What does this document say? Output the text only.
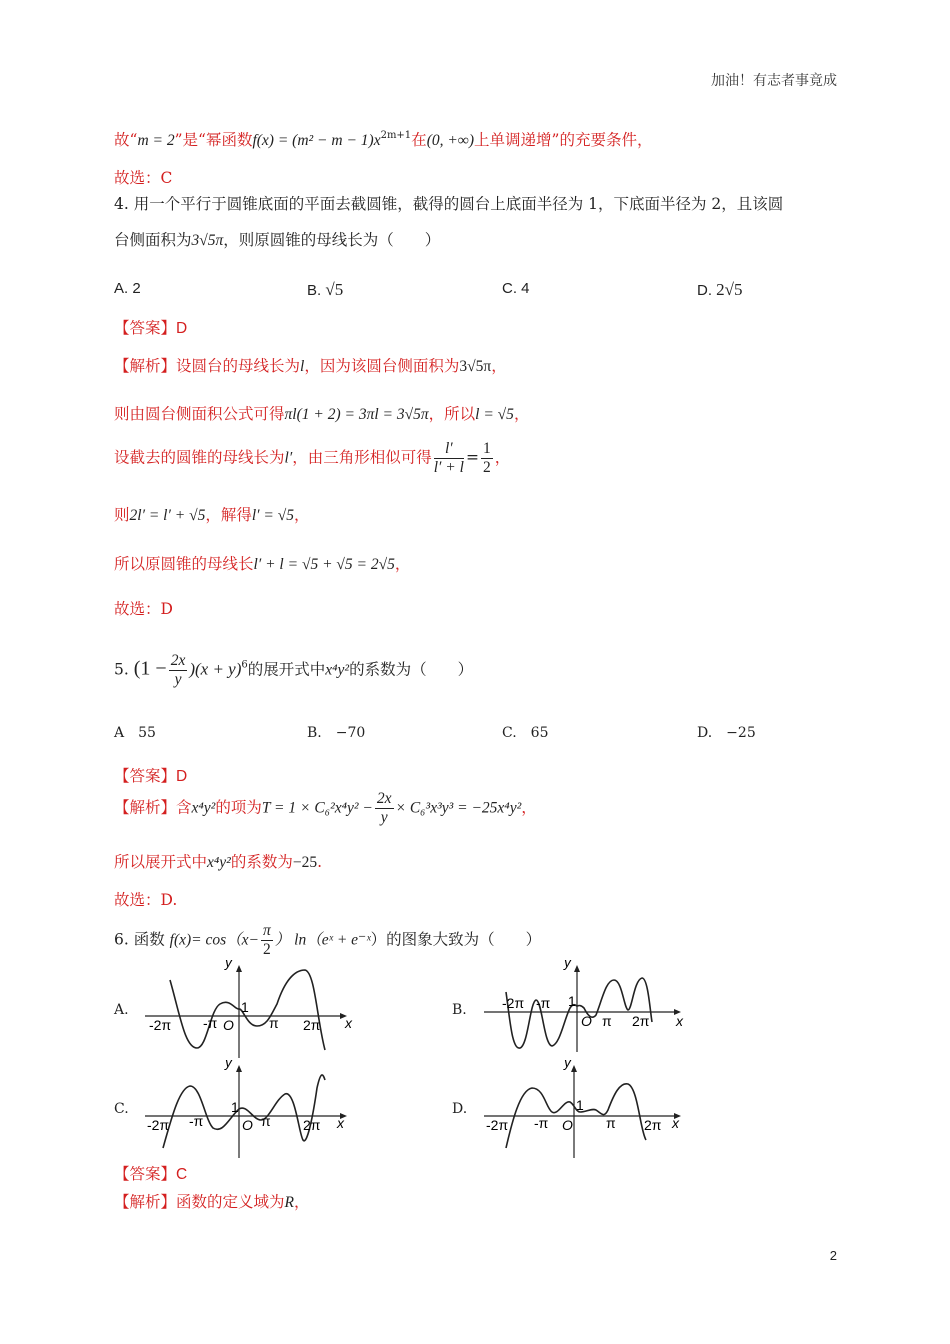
加油！有志者事竟成
故“m = 2”是“幂函数$f(x) = (m^2 - m - 1)x^{2m+1}$在(0, +∞)上单调递增”的充要条件，
故选：C
4. 用一个平行于圆锥底面的平面去截圆锥，截得的圆台上底面半径为 1，下底面半径为 2，且该圆
台侧面积为3√5π，则原圆锥的母线长为（　　）
A. 2	B. √5	C. 4	D. 2√5
【答案】D
【解析】设圆台的母线长为l，因为该圆台侧面积为3√5π，
则由圆台侧面积公式可得πl(1 + 2) = 3πl = 3√5π，所以l = √5，
设截去的圆锥的母线长为l′，由三角形相似可得 $\frac{l'}{l' + l} = \frac{1}{2}$ ，
则2l′ = l′ + √5，解得l′ = √5，
所以原圆锥的母线长l′ + l = √5 + √5 = 2√5，
故选：D
5. $(1 - \frac{2x}{y} )(x + y)^6$的展开式中x⁴y²的系数为（　　）
A　55	B.　−70	C.　65	D.　−25
【答案】D
【解析】含x⁴y²的项为$T = 1 \times C_6^2x^4y^2 - \frac{2x}{y} \times C_6^3x^3y^3 = -25x^4y^2$，
所以展开式中x⁴y²的系数为−25.
故选：D.
6. 函数 $f(x)= \cos(x- \frac{\pi}{2}$ ） ln（eˣ + e⁻ˣ）的图象大致为（　　）
A.	B.
C.	D.
y
x
O
1
-2π -π	π 2π
y
x
O
1
-2π -π
π 2π
y
x
O
1
-2π -π	π 2π
y
x
O
1
-2π -π	π 2π
【答案】C
【解析】函数的定义域为R，
2
